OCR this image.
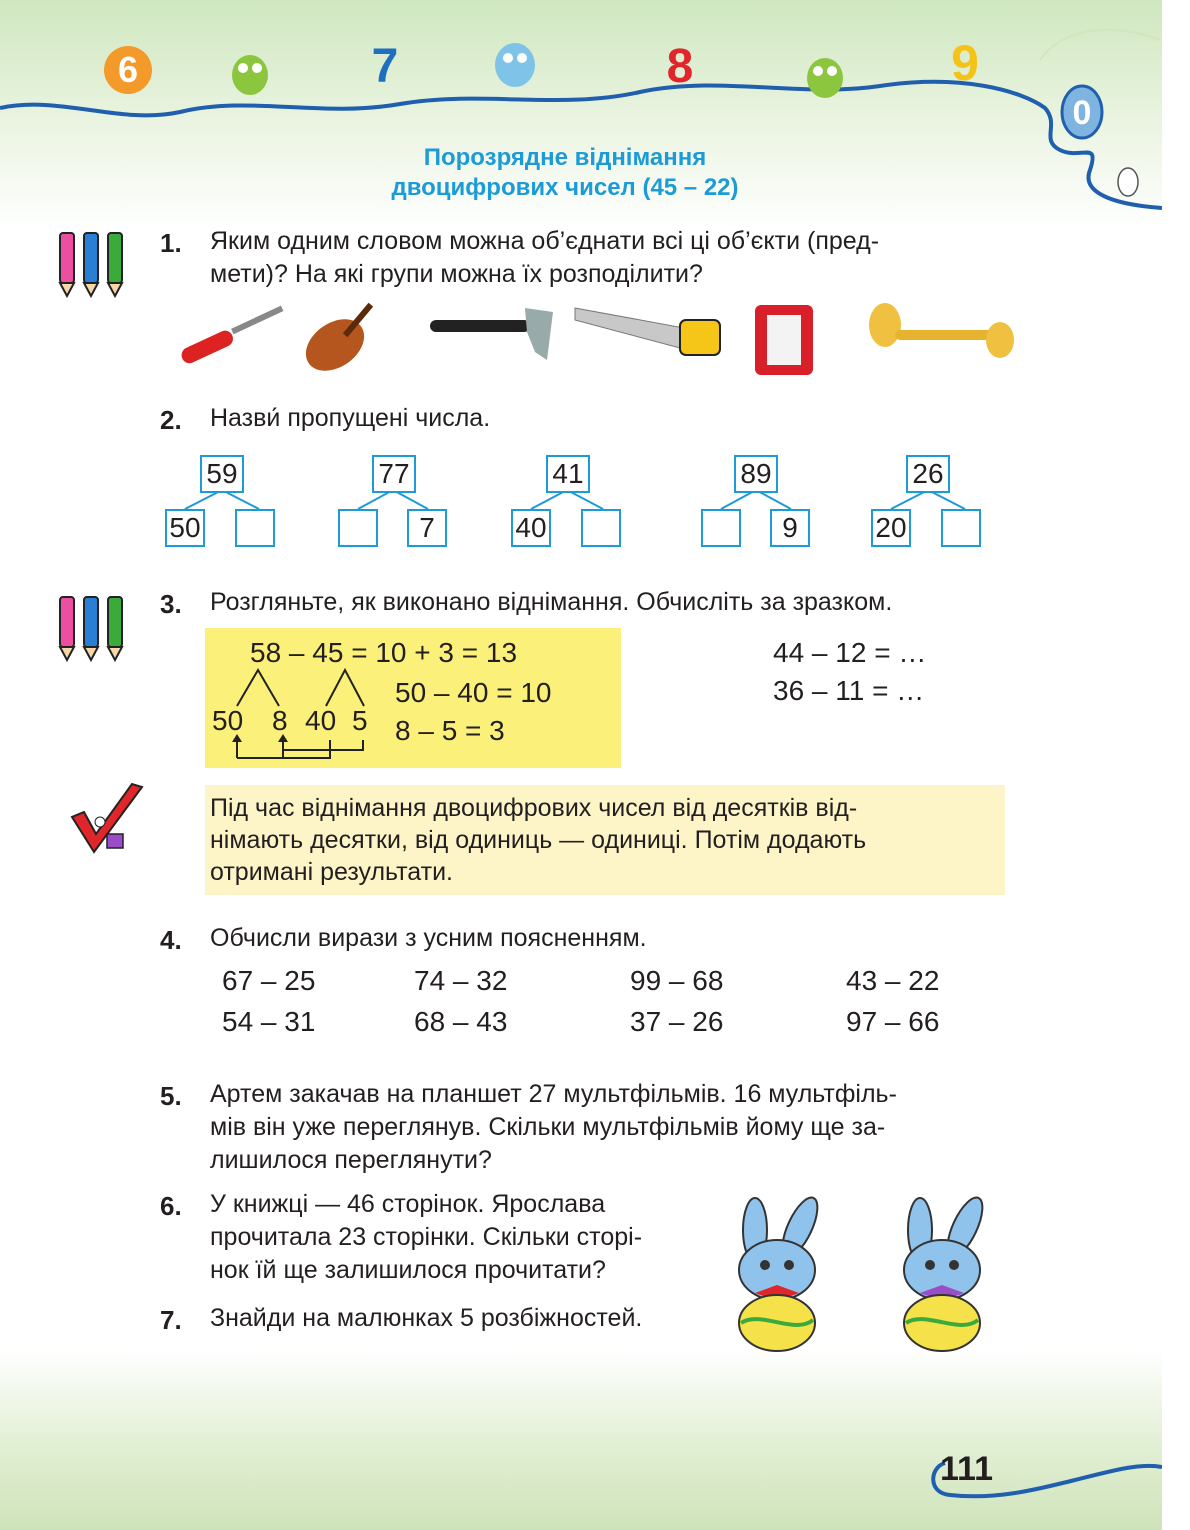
6	7	8	9
0
Порозрядне віднімання
двоцифрових чисел (45 – 22)
1. Яким одним словом можна об’єднати всі ці об’єкти (пред-
мети)? На які групи можна їх розподілити?
2. Назви́ пропущені числа.
59
50
77
7
41
40
89
9
26
20
3. Розгляньте, як виконано віднімання. Обчисліть за зразком.
58 – 45 = 10 + 3 = 13
50 8 40 5
50 – 40 = 10
8 – 5 = 3
44 – 12 = …
36 – 11 = …
Під час віднімання двоцифрових чисел від десятків від-
німають десятки, від одиниць — одиниці. Потім додають
отримані результати.
4. Обчисли вирази з усним поясненням.
67 – 25	74 – 32	99 – 68	43 – 22
54 – 31	68 – 43	37 – 26	97 – 66
5. Артем закачав на планшет 27 мультфільмів. 16 мультфіль-
мів він уже переглянув. Скільки мультфільмів йому ще за-
лишилося переглянути?
6. У книжці — 46 сторінок. Ярослава
прочитала 23 сторінки. Скільки сторі-
нок їй ще залишилося прочитати?
7. Знайди на малюнках 5 розбіжностей.
111
